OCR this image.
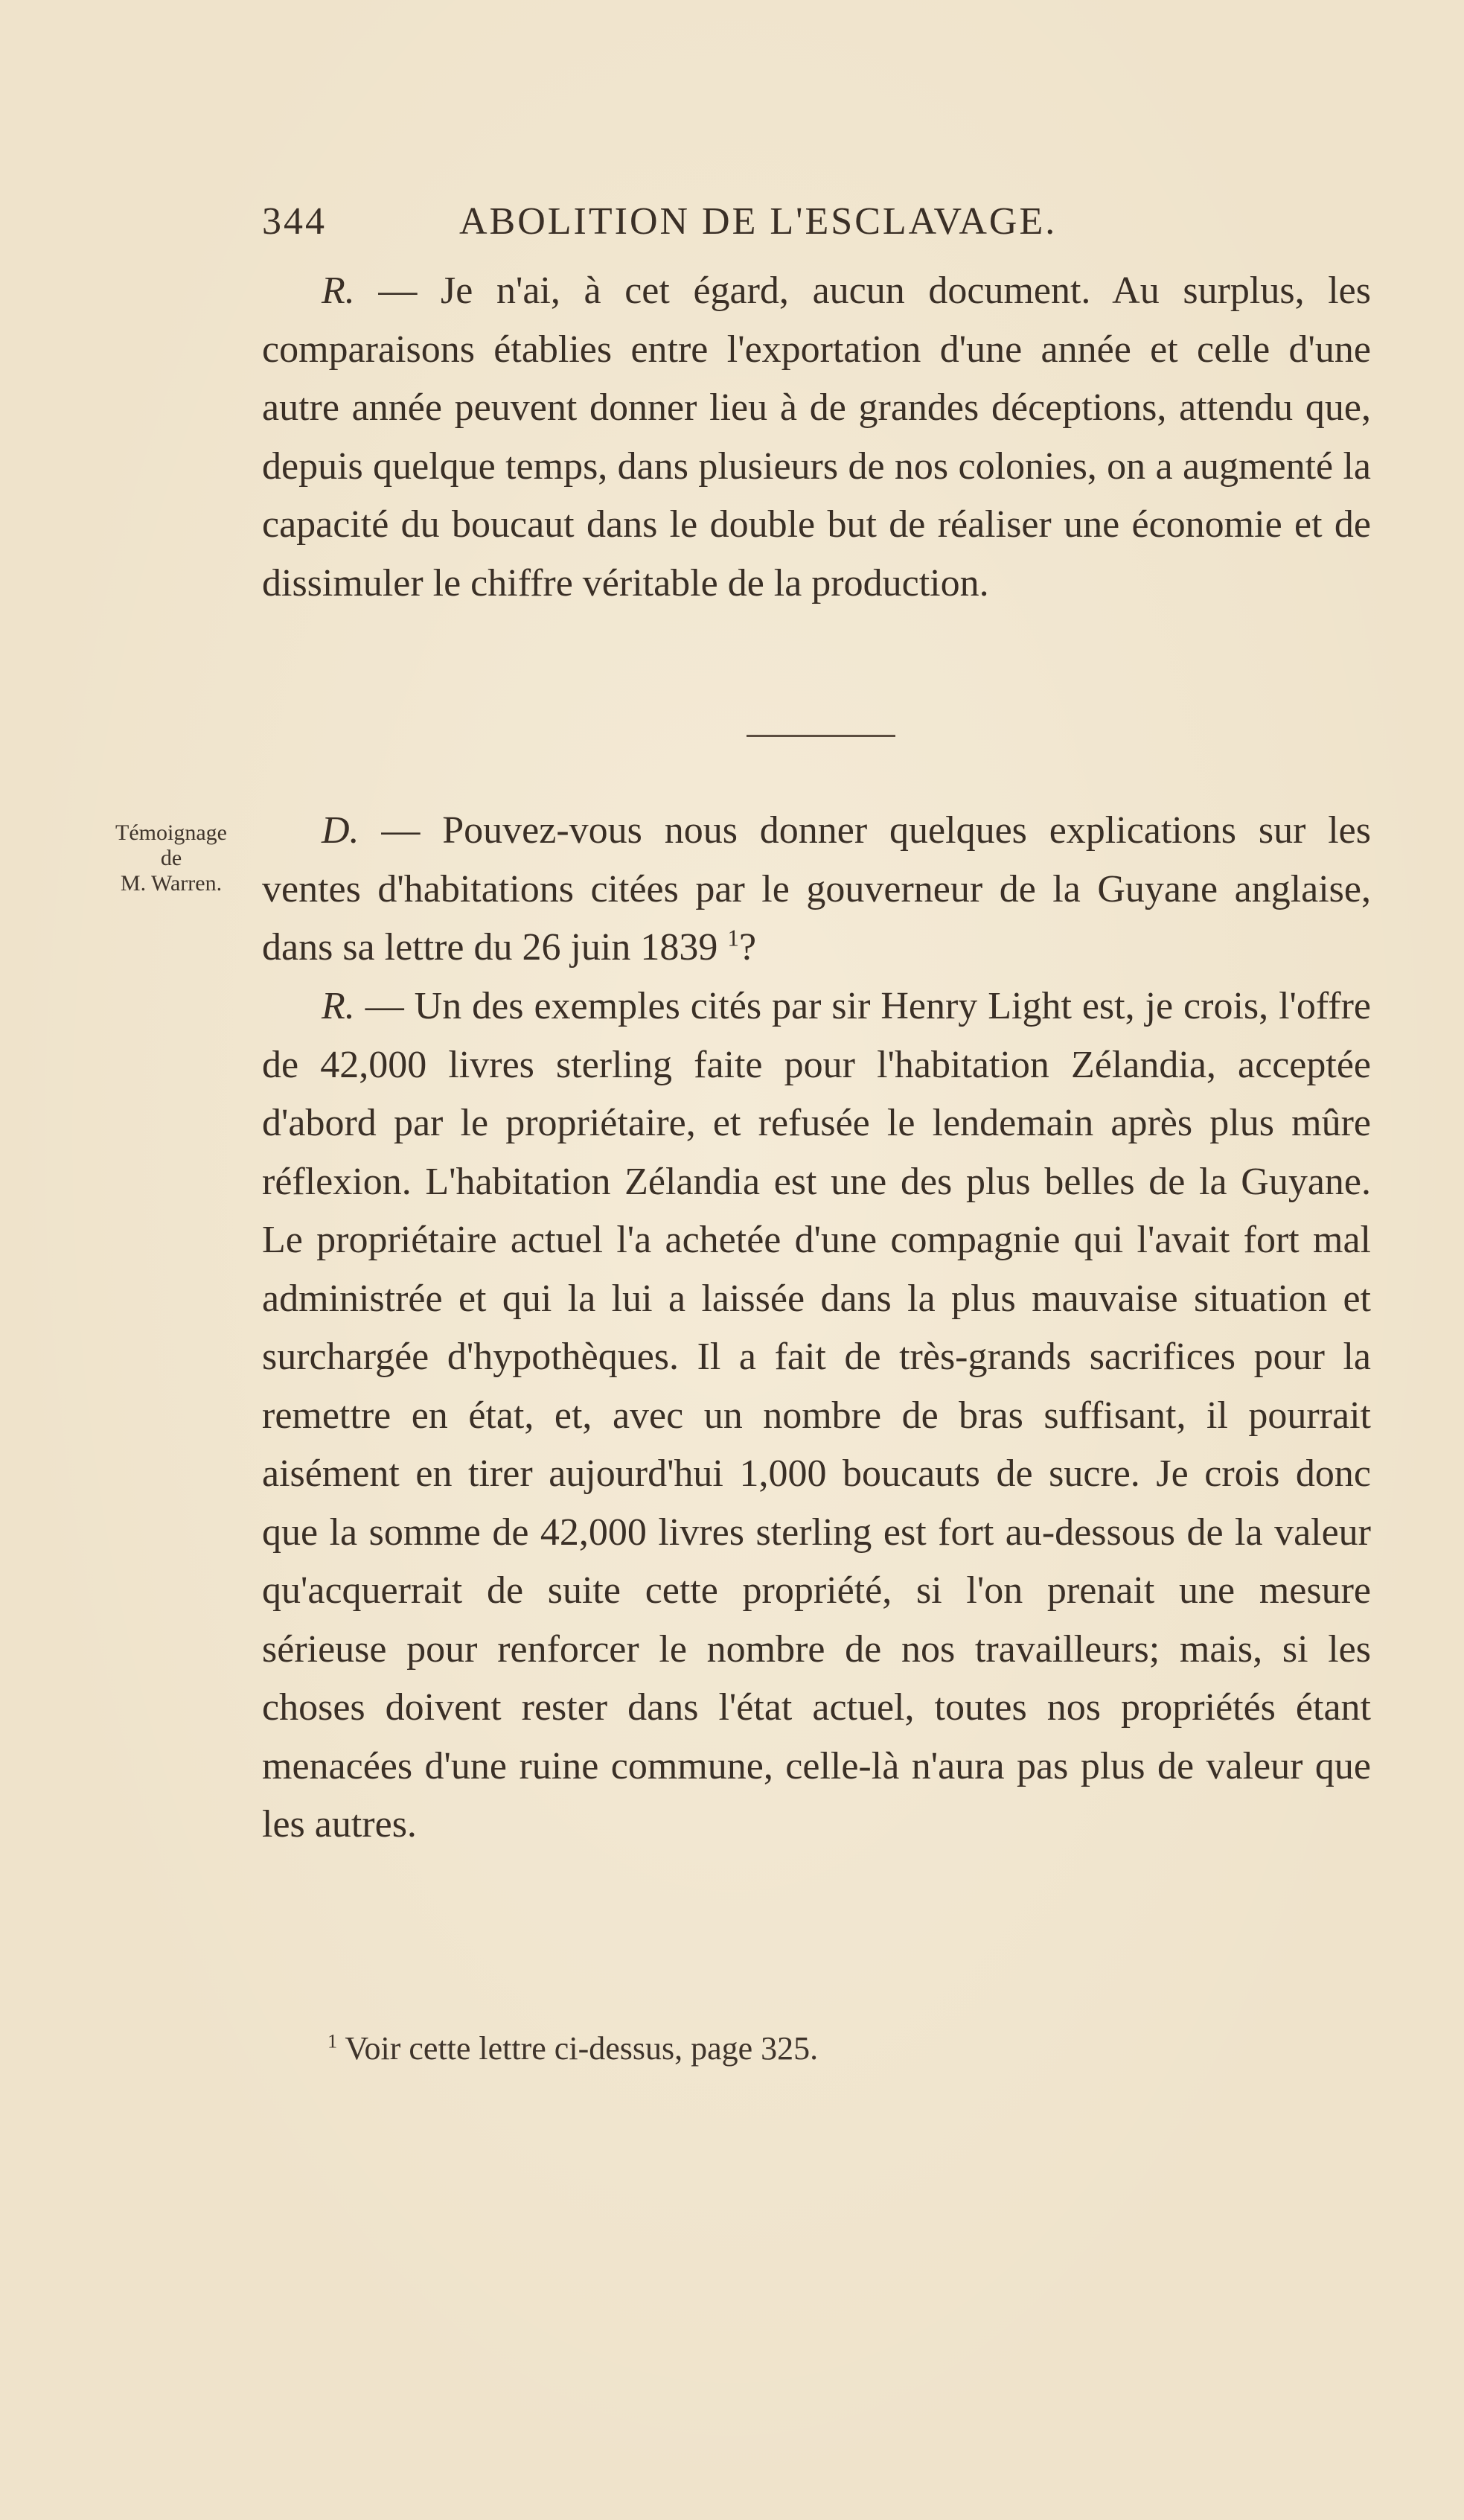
344	ABOLITION DE L'ESCLAVAGE.

R. — Je n'ai, à cet égard, aucun document. Au surplus, les comparaisons établies entre l'exportation d'une année et celle d'une autre année peuvent donner lieu à de grandes déceptions, attendu que, depuis quelque temps, dans plusieurs de nos colonies, on a augmenté la capacité du boucaut dans le double but de réaliser une économie et de dissimuler le chiffre véritable de la production.

Témoignage
de
M. Warren.

D. — Pouvez-vous nous donner quelques explications sur les ventes d'habitations citées par le gouverneur de la Guyane anglaise, dans sa lettre du 26 juin 1839 $^1$?

R. — Un des exemples cités par sir Henry Light est, je crois, l'offre de 42,000 livres sterling faite pour l'habitation Zélandia, acceptée d'abord par le propriétaire, et refusée le lendemain après plus mûre réflexion. L'habitation Zélandia est une des plus belles de la Guyane. Le propriétaire actuel l'a achetée d'une compagnie qui l'avait fort mal administrée et qui la lui a laissée dans la plus mauvaise situation et surchargée d'hypothèques. Il a fait de très-grands sacrifices pour la remettre en état, et, avec un nombre de bras suffisant, il pourrait aisément en tirer aujourd'hui 1,000 boucauts de sucre. Je crois donc que la somme de 42,000 livres sterling est fort au-dessous de la valeur qu'acquerrait de suite cette propriété, si l'on prenait une mesure sérieuse pour renforcer le nombre de nos travailleurs; mais, si les choses doivent rester dans l'état actuel, toutes nos propriétés étant menacées d'une ruine commune, celle-là n'aura pas plus de valeur que les autres.

$^1$ Voir cette lettre ci-dessus, page 325.
